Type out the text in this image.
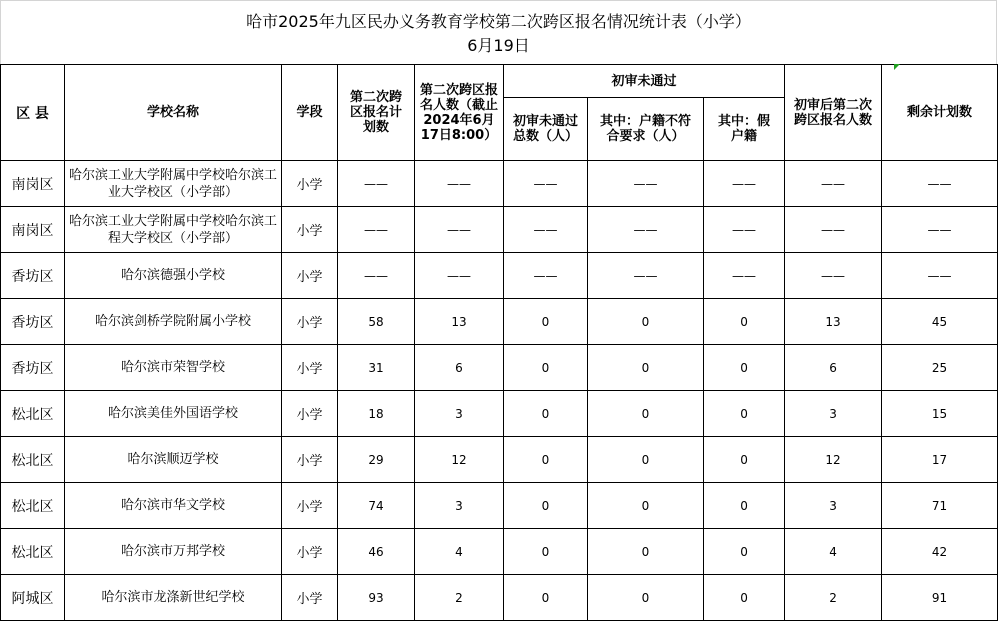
哈市2025年九区民办义务教育学校第二次跨区报名情况统计表（小学）
6月19日
区 县	学校名称	学段	第二次跨区报名计划数	第二次跨区报名人数（截止2024年6月17日8:00）	初审未通过			初审后第二次跨区报名人数	剩余计划数
					初审未通过总数（人）	其中：户籍不符合要求（人）	其中：假户籍		
南岗区	哈尔滨工业大学附属中学校哈尔滨工业大学校区（小学部）	小学	——	——	——	——	——	——	——
南岗区	哈尔滨工业大学附属中学校哈尔滨工程大学校区（小学部）	小学	——	——	——	——	——	——	——
香坊区	哈尔滨德强小学校	小学	——	——	——	——	——	——	——
香坊区	哈尔滨剑桥学院附属小学校	小学	58	13	0	0	0	13	45
香坊区	哈尔滨市荣智学校	小学	31	6	0	0	0	6	25
松北区	哈尔滨美佳外国语学校	小学	18	3	0	0	0	3	15
松北区	哈尔滨顺迈学校	小学	29	12	0	0	0	12	17
松北区	哈尔滨市华文学校	小学	74	3	0	0	0	3	71
松北区	哈尔滨市万邦学校	小学	46	4	0	0	0	4	42
阿城区	哈尔滨市龙涤新世纪学校	小学	93	2	0	0	0	2	91
